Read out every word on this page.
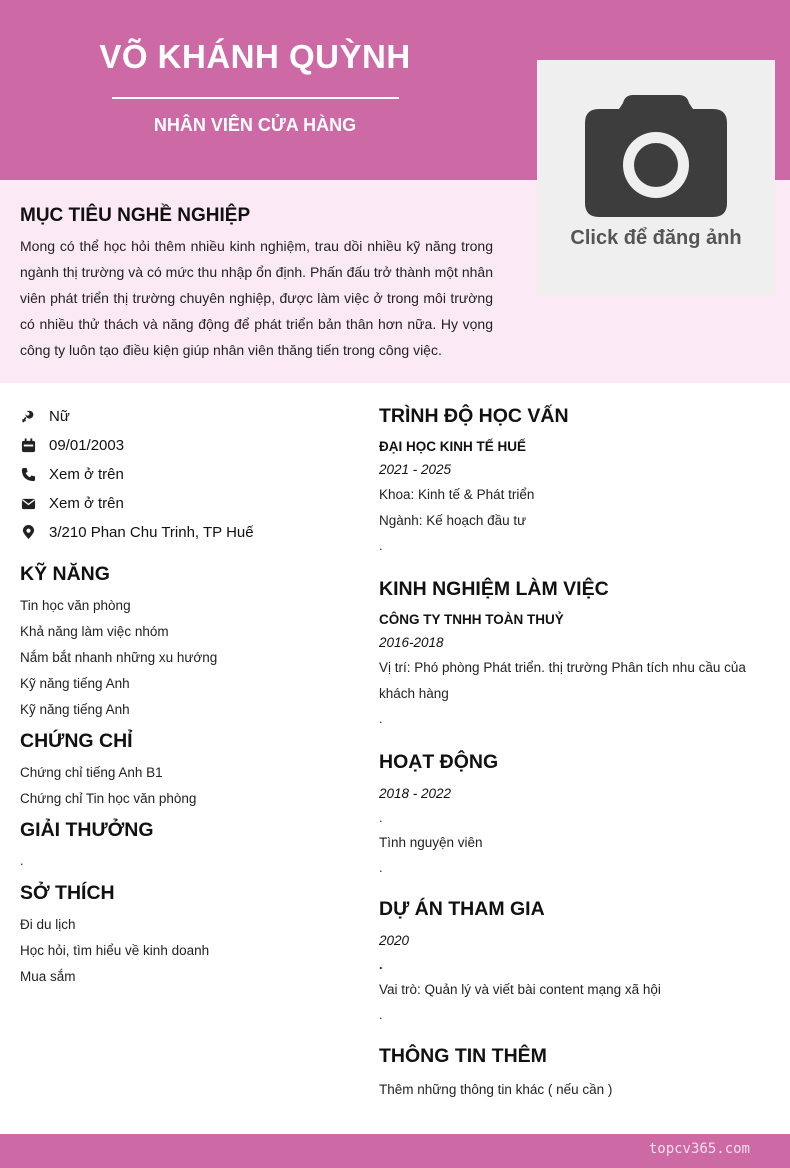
VÕ KHÁNH QUỲNH
NHÂN VIÊN CỬA HÀNG
MỤC TIÊU NGHỀ NGHIỆP
Mong có thể học hỏi thêm nhiều kinh nghiệm, trau dồi nhiều kỹ năng trong ngành thị trường và có mức thu nhập ổn định. Phấn đấu trở thành một nhân viên phát triển thị trường chuyên nghiệp, được làm việc ở trong môi trường có nhiều thử thách và năng động để phát triển bản thân hơn nữa. Hy vọng công ty luôn tạo điều kiện giúp nhân viên thăng tiến trong công việc.
Click để đăng ảnh
Nữ
09/01/2003
Xem ở trên
Xem ở trên
3/210 Phan Chu Trinh, TP Huế
KỸ NĂNG
Tin học văn phòng
Khả năng làm việc nhóm
Nắm bắt nhanh những xu hướng
Kỹ năng tiếng Anh
Kỹ năng tiếng Anh
CHỨNG CHỈ
Chứng chỉ tiếng Anh B1
Chứng chỉ Tin học văn phòng
GIẢI THƯỞNG
.
SỞ THÍCH
Đi du lịch
Học hỏi, tìm hiểu về kinh doanh
Mua sắm
TRÌNH ĐỘ HỌC VẤN
ĐẠI HỌC KINH TẾ HUẾ
2021 - 2025
Khoa: Kinh tế & Phát triển
Ngành: Kế hoạch đầu tư
.
KINH NGHIỆM LÀM VIỆC
CÔNG TY TNHH TOÀN THUỶ
2016-2018
Vị trí: Phó phòng Phát triển. thị trường Phân tích nhu cầu của khách hàng
.
HOẠT ĐỘNG
2018 - 2022
.
Tình nguyện viên
.
DỰ ÁN THAM GIA
2020
.
Vai trò: Quản lý và viết bài content mạng xã hội
.
THÔNG TIN THÊM
Thêm những thông tin khác ( nếu cần )
topcv365.com
